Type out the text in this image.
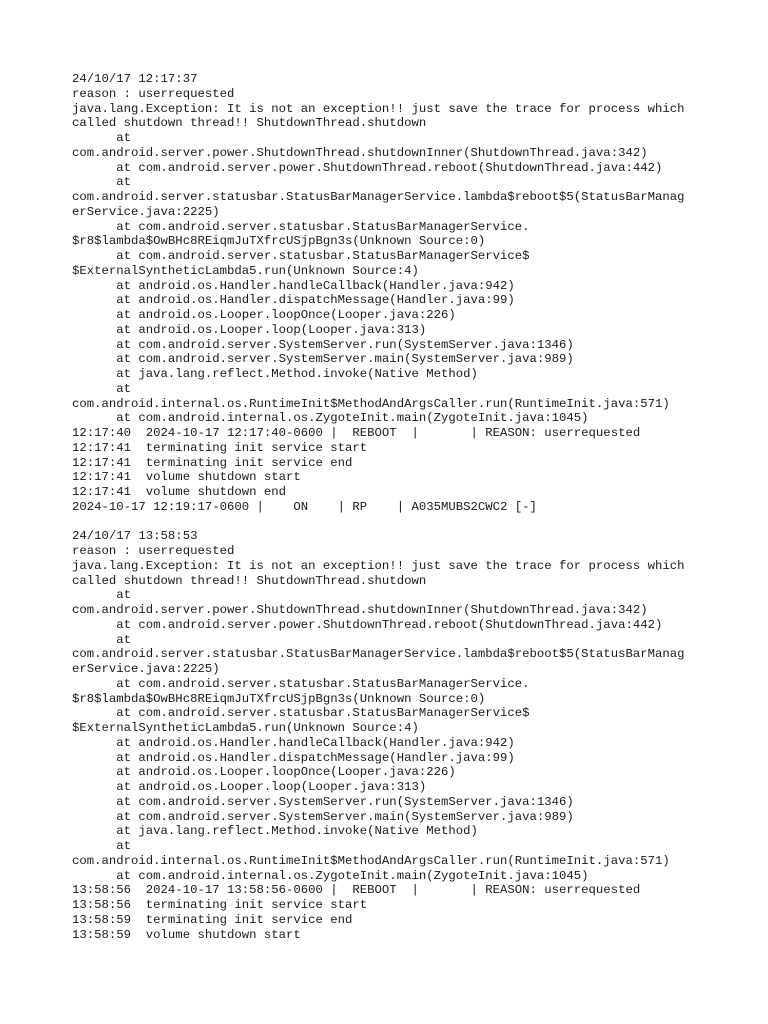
24/10/17 12:17:37
reason : userrequested
java.lang.Exception: It is not an exception!! just save the trace for process which
called shutdown thread!! ShutdownThread.shutdown
at
com.android.server.power.ShutdownThread.shutdownInner(ShutdownThread.java:342)
at com.android.server.power.ShutdownThread.reboot(ShutdownThread.java:442)
at
com.android.server.statusbar.StatusBarManagerService.lambda$reboot$5(StatusBarManag
erService.java:2225)
at com.android.server.statusbar.StatusBarManagerService.
$r8$lambda$OwBHc8REiqmJuTXfrcUSjpBgn3s(Unknown Source:0)
at com.android.server.statusbar.StatusBarManagerService$
$ExternalSyntheticLambda5.run(Unknown Source:4)
at android.os.Handler.handleCallback(Handler.java:942)
at android.os.Handler.dispatchMessage(Handler.java:99)
at android.os.Looper.loopOnce(Looper.java:226)
at android.os.Looper.loop(Looper.java:313)
at com.android.server.SystemServer.run(SystemServer.java:1346)
at com.android.server.SystemServer.main(SystemServer.java:989)
at java.lang.reflect.Method.invoke(Native Method)
at
com.android.internal.os.RuntimeInit$MethodAndArgsCaller.run(RuntimeInit.java:571)
at com.android.internal.os.ZygoteInit.main(ZygoteInit.java:1045)
12:17:40  2024-10-17 12:17:40-0600 |  REBOOT  |       | REASON: userrequested
12:17:41  terminating init service start
12:17:41  terminating init service end
12:17:41  volume shutdown start
12:17:41  volume shutdown end
2024-10-17 12:19:17-0600 |    ON    | RP    | A035MUBS2CWC2 [-]
24/10/17 13:58:53
reason : userrequested
java.lang.Exception: It is not an exception!! just save the trace for process which
called shutdown thread!! ShutdownThread.shutdown
at
com.android.server.power.ShutdownThread.shutdownInner(ShutdownThread.java:342)
at com.android.server.power.ShutdownThread.reboot(ShutdownThread.java:442)
at
com.android.server.statusbar.StatusBarManagerService.lambda$reboot$5(StatusBarManag
erService.java:2225)
at com.android.server.statusbar.StatusBarManagerService.
$r8$lambda$OwBHc8REiqmJuTXfrcUSjpBgn3s(Unknown Source:0)
at com.android.server.statusbar.StatusBarManagerService$
$ExternalSyntheticLambda5.run(Unknown Source:4)
at android.os.Handler.handleCallback(Handler.java:942)
at android.os.Handler.dispatchMessage(Handler.java:99)
at android.os.Looper.loopOnce(Looper.java:226)
at android.os.Looper.loop(Looper.java:313)
at com.android.server.SystemServer.run(SystemServer.java:1346)
at com.android.server.SystemServer.main(SystemServer.java:989)
at java.lang.reflect.Method.invoke(Native Method)
at
com.android.internal.os.RuntimeInit$MethodAndArgsCaller.run(RuntimeInit.java:571)
at com.android.internal.os.ZygoteInit.main(ZygoteInit.java:1045)
13:58:56  2024-10-17 13:58:56-0600 |  REBOOT  |       | REASON: userrequested
13:58:56  terminating init service start
13:58:59  terminating init service end
13:58:59  volume shutdown start
